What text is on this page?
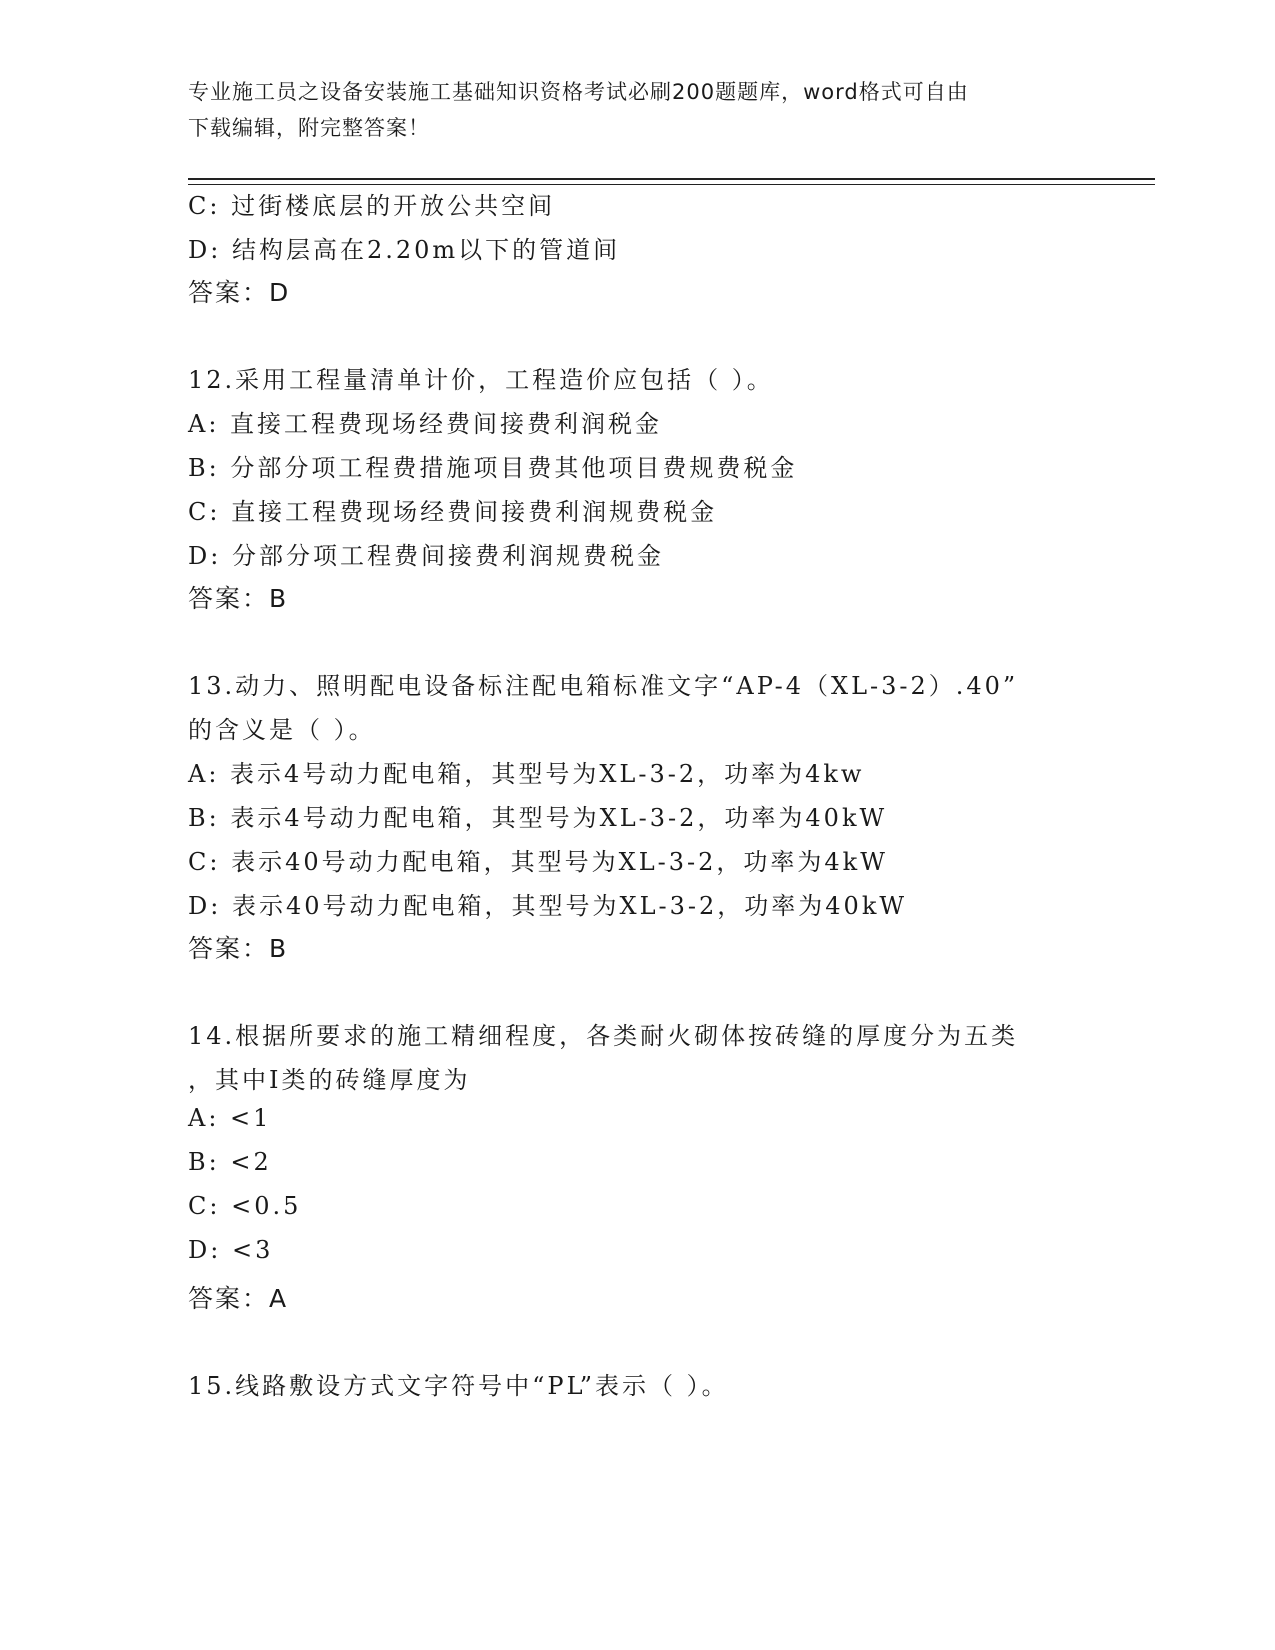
专业施工员之设备安装施工基础知识资格考试必刷200题题库，word格式可自由
下载编辑，附完整答案！
C: 过街楼底层的开放公共空间
D: 结构层高在2.20m以下的管道间
答案：D
12.采用工程量清单计价，工程造价应包括（ ）。
A: 直接工程费现场经费间接费利润税金
B: 分部分项工程费措施项目费其他项目费规费税金
C: 直接工程费现场经费间接费利润规费税金
D: 分部分项工程费间接费利润规费税金
答案：B
13.动力、照明配电设备标注配电箱标准文字“AP-4（XL-3-2）.40”
的含义是（ ）。
A: 表示4号动力配电箱，其型号为XL-3-2，功率为4kw
B: 表示4号动力配电箱，其型号为XL-3-2，功率为40kW
C: 表示40号动力配电箱，其型号为XL-3-2，功率为4kW
D: 表示40号动力配电箱，其型号为XL-3-2，功率为40kW
答案：B
14.根据所要求的施工精细程度，各类耐火砌体按砖缝的厚度分为五类
，其中I类的砖缝厚度为
A: <1
B: <2
C: <0.5
D: <3
答案：A
15.线路敷设方式文字符号中“PL”表示（ ）。
